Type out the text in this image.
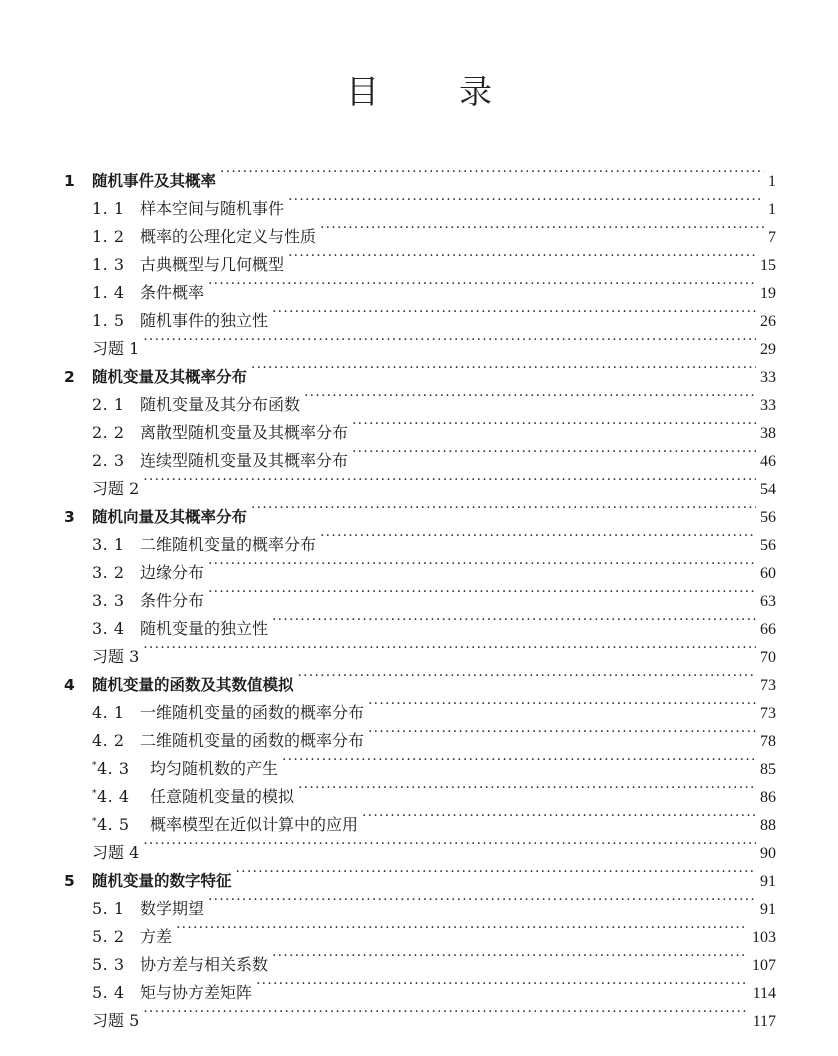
目 录
1	随机事件及其概率 ·····	1
1. 1 样本空间与随机事件 ·····	1
1. 2 概率的公理化定义与性质 ·····	7
1. 3 古典概型与几何概型 ·····	15
1. 4 条件概率 ·····	19
1. 5 随机事件的独立性 ·····	26
习题 1 ·····	29
2	随机变量及其概率分布 ·····	33
2. 1 随机变量及其分布函数 ·····	33
2. 2 离散型随机变量及其概率分布 ·····	38
2. 3 连续型随机变量及其概率分布 ·····	46
习题 2 ·····	54
3	随机向量及其概率分布 ·····	56
3. 1 二维随机变量的概率分布 ·····	56
3. 2 边缘分布 ·····	60
3. 3 条件分布 ·····	63
3. 4 随机变量的独立性 ·····	66
习题 3 ·····	70
4	随机变量的函数及其数值模拟 ·····	73
4. 1 一维随机变量的函数的概率分布 ·····	73
4. 2 二维随机变量的函数的概率分布 ·····	78
*4. 3	均匀随机数的产生 ·····	85
*4. 4	任意随机变量的模拟 ·····	86
*4. 5	概率模型在近似计算中的应用 ·····	88
习题 4 ·····	90
5	随机变量的数字特征 ·····	91
5. 1 数学期望 ·····	91
5. 2 方差 ·····	103
5. 3 协方差与相关系数 ·····	107
5. 4 矩与协方差矩阵 ·····	114
习题 5 ·····	117
